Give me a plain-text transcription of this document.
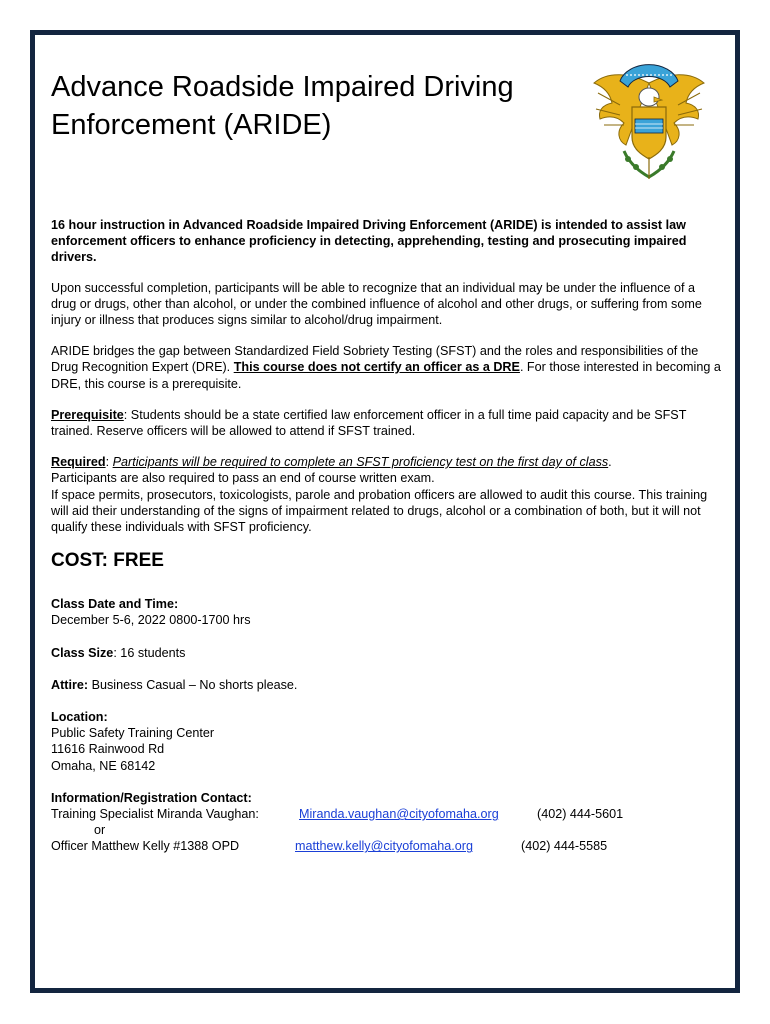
Advance Roadside Impaired Driving Enforcement (ARIDE)

16 hour instruction in Advanced Roadside Impaired Driving Enforcement (ARIDE) is intended to assist law enforcement officers to enhance proficiency in detecting, apprehending, testing and prosecuting impaired drivers.

Upon successful completion, participants will be able to recognize that an individual may be under the influence of a drug or drugs, other than alcohol, or under the combined influence of alcohol and other drugs, or suffering from some injury or illness that produces signs similar to alcohol/drug impairment.

ARIDE bridges the gap between Standardized Field Sobriety Testing (SFST) and the roles and responsibilities of the Drug Recognition Expert (DRE). This course does not certify an officer as a DRE. For those interested in becoming a DRE, this course is a prerequisite.

Prerequisite: Students should be a state certified law enforcement officer in a full time paid capacity and be SFST trained. Reserve officers will be allowed to attend if SFST trained.

Required: Participants will be required to complete an SFST proficiency test on the first day of class.

Participants are also required to pass an end of course written exam.

If space permits, prosecutors, toxicologists, parole and probation officers are allowed to audit this course. This training will aid their understanding of the signs of impairment related to drugs, alcohol or a combination of both, but it will not qualify these individuals with SFST proficiency.

COST: FREE

Class Date and Time:

December 5-6, 2022 0800-1700 hrs

Class Size: 16 students

Attire: Business Casual – No shorts please.

Location:

Public Safety Training Center

11616 Rainwood Rd

Omaha, NE 68142

Information/Registration Contact:

Training Specialist Miranda Vaughan:	Miranda.vaughan@cityofomaha.org	(402) 444-5601
or
Officer Matthew Kelly #1388 OPD	matthew.kelly@cityofomaha.org	(402) 444-5585
